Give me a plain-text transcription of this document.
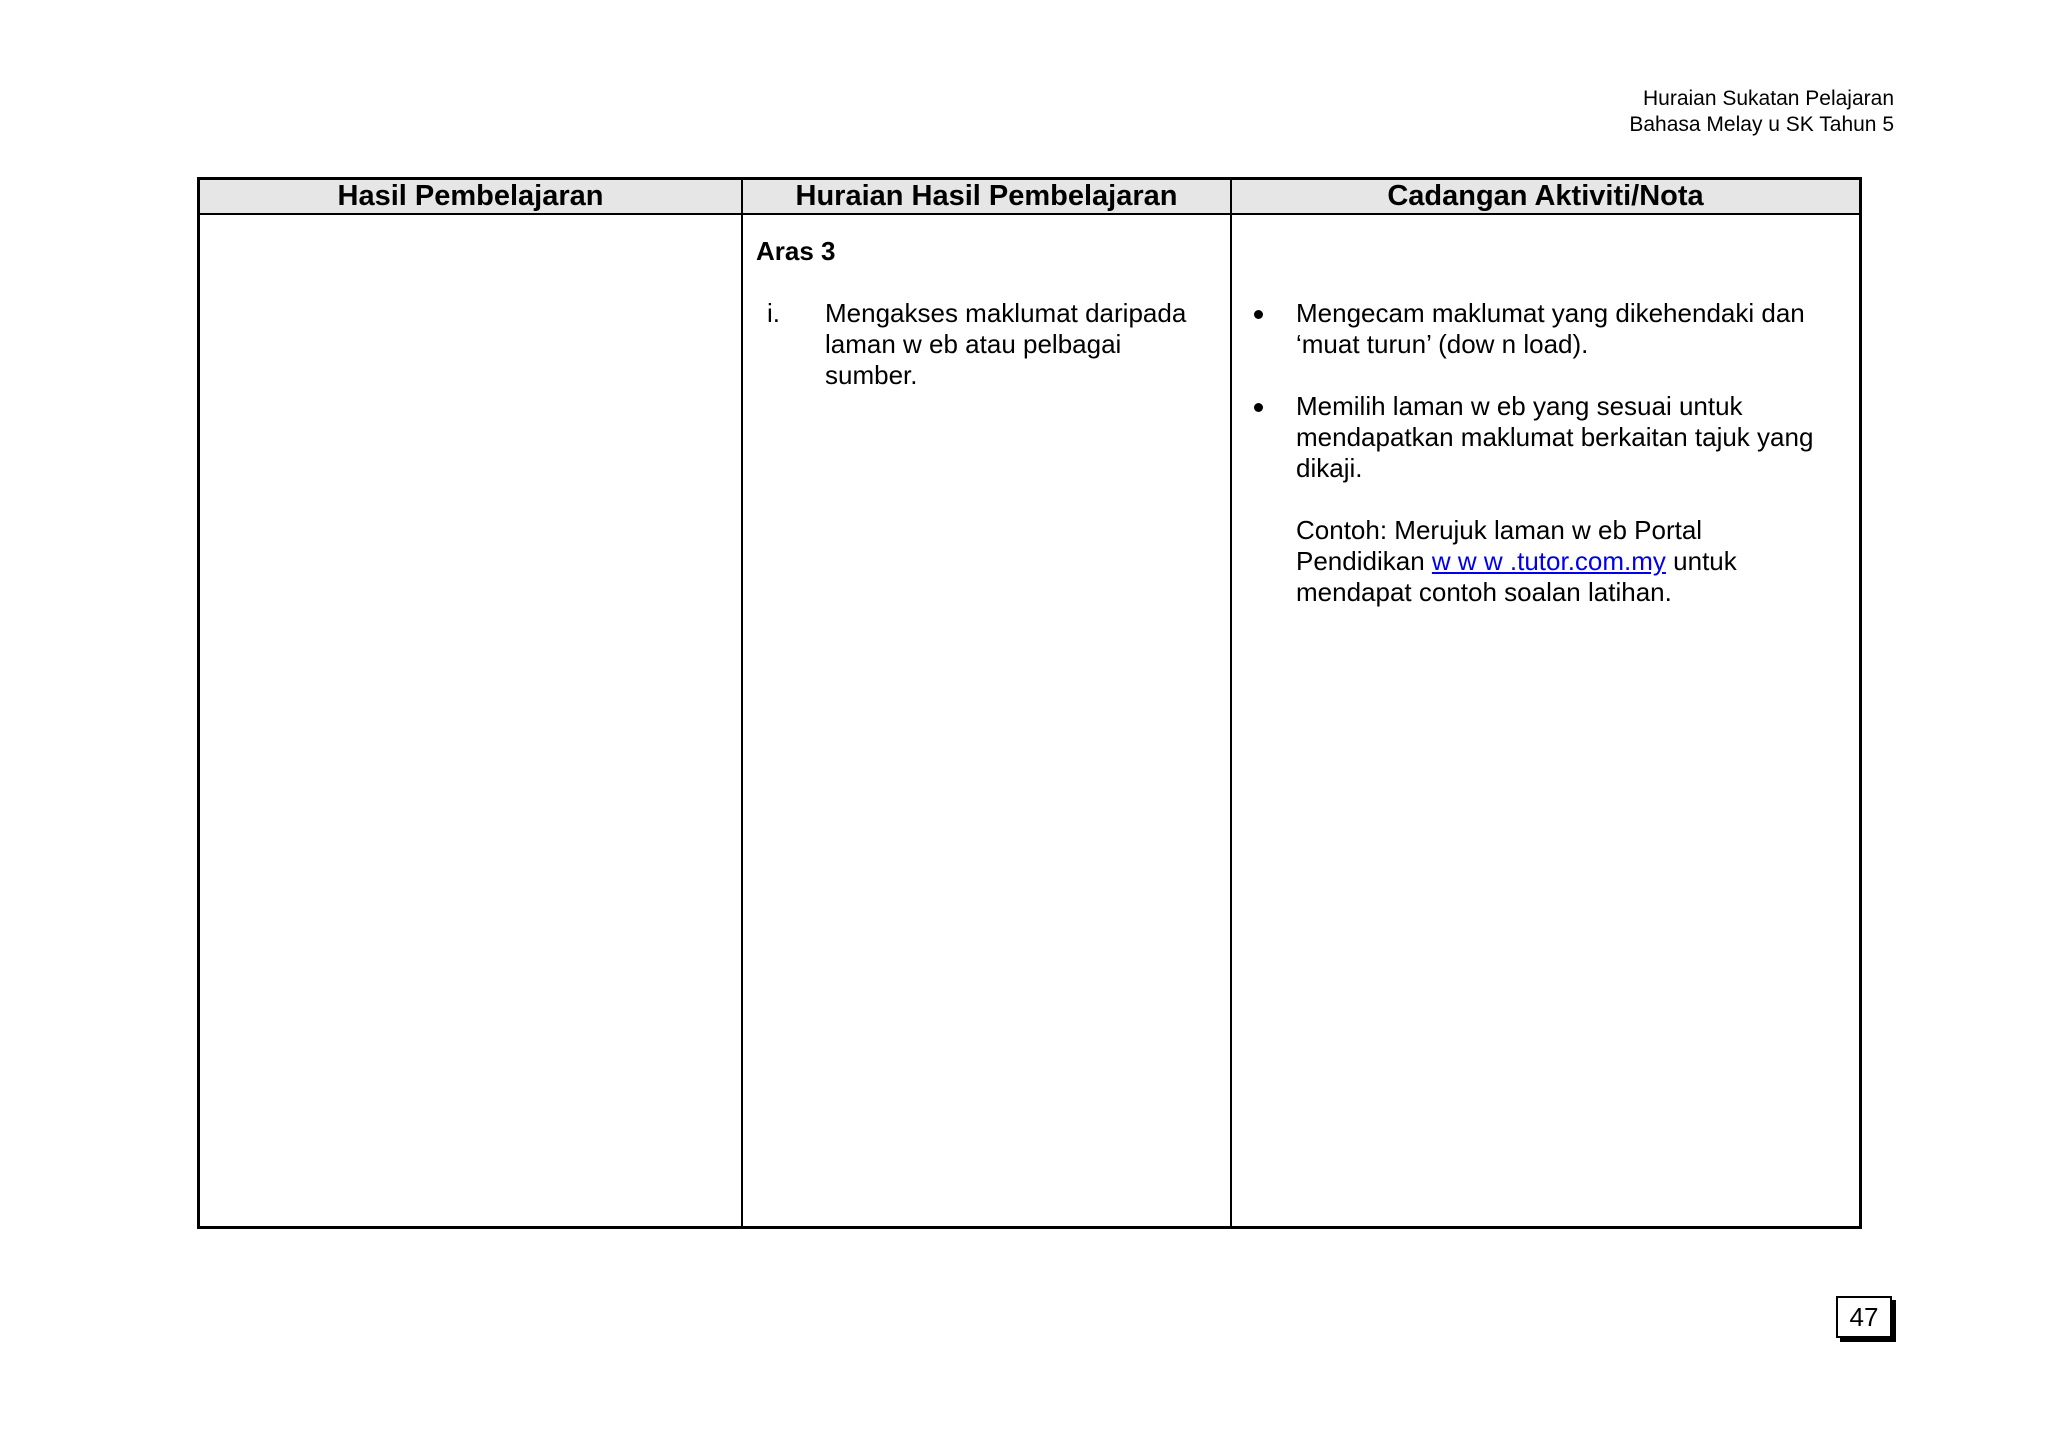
Huraian Sukatan Pelajaran
Bahasa Melay u SK Tahun 5
Hasil Pembelajaran	Huraian Hasil Pembelajaran	Cadangan Aktiviti/Nota
Aras 3
i. Mengakses maklumat daripada laman w eb atau pelbagai sumber.
Mengecam maklumat yang dikehendaki dan ‘muat turun’ (dow n load).
Memilih laman w eb yang sesuai untuk mendapatkan maklumat berkaitan tajuk yang dikaji.
Contoh: Merujuk laman w eb Portal Pendidikan w w w .tutor.com.my untuk mendapat contoh soalan latihan.
47
